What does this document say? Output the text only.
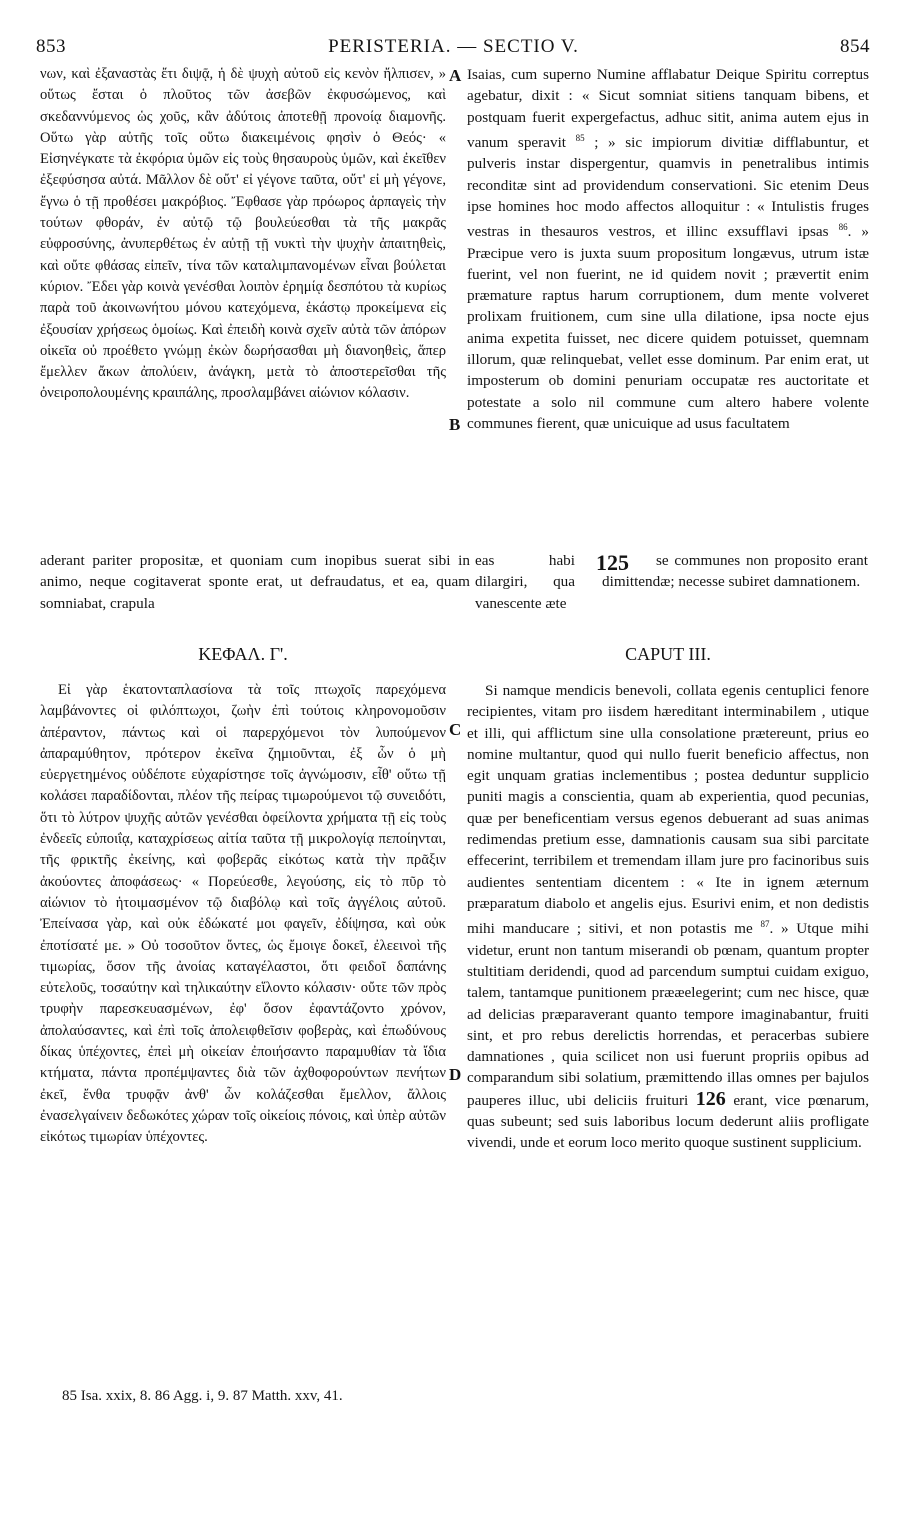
853	PERISTERIA. — SECTIO V.	854

νων, καὶ ἐξαναστὰς ἔτι διψᾷ, ἡ δὲ ψυχὴ αὐτοῦ εἰς κενὸν ἤλπισεν, » οὕτως ἔσται ὁ πλοῦτος τῶν ἀσεβῶν ἐκφυσώμενος, καὶ σκεδαννύμενος ὡς χοῦς, κἂν ἀδύτοις ἀποτεθῇ προνοίᾳ διαμονῆς. Οὕτω γὰρ αὐτῆς τοῖς οὕτω διακειμένοις φησὶν ὁ Θεός· « Εἰσηνέγκατε τὰ ἐκφόρια ὑμῶν εἰς τοὺς θησαυροὺς ὑμῶν, καὶ ἐκεῖθεν ἐξεφύσησα αὐτά. Μᾶλλον δὲ οὔτ' εἰ γέγονε ταῦτα, οὔτ' εἰ μὴ γέγονε, ἔγνω ὁ τῇ προθέσει μακρόβιος. Ἔφθασε γὰρ πρόωρος ἁρπαγεὶς τὴν τούτων φθοράν, ἐν αὐτῷ τῷ βουλεύεσθαι τὰ τῆς μακρᾶς εὐφροσύνης, ἀνυπερθέτως ἐν αὐτῇ τῇ νυκτὶ τὴν ψυχὴν ἀπαιτηθεὶς, καὶ οὔτε φθάσας εἰπεῖν, τίνα τῶν καταλιμπανομένων εἶναι βούλεται κύριον. Ἔδει γὰρ κοινὰ γενέσθαι λοιπὸν ἐρημίᾳ δεσπότου τὰ κυρίως παρὰ τοῦ ἀκοινωνήτου μόνου κατεχόμενα, ἑκάστῳ προκείμενα εἰς ἐξουσίαν χρήσεως ὁμοίως. Καὶ ἐπειδὴ κοινὰ σχεῖν αὐτὰ τῶν ἀπόρων οἰκεῖα οὐ προέθετο γνώμῃ ἐκὼν δωρήσασθαι μὴ διανοηθεὶς, ἅπερ ἔμελλεν ἄκων ἀπολύειν, ἀνάγκη, μετὰ τὸ ἀποστερεῖσθαι τῆς ὀνειροπολουμένης κραιπάλης, προσλαμβάνει αἰώνιον κόλασιν.

Isaias, cum superno Numine afflabatur Deique Spiritu correptus agebatur, dixit : « Sicut somniat sitiens tanquam bibens, et postquam fuerit expergefactus, adhuc sitit, anima autem ejus in vanum speravit $^{85}$ ; » sic impiorum divitiæ difflabuntur, et pulveris instar dispergentur, quamvis in penetralibus intimis reconditæ sint ad providendum conservationi. Sic etenim Deus ipse homines hoc modo affectos alloquitur : « Intulistis fruges vestras in thesauros vestros, et illinc exsufflavi ipsas $^{86}$. » Præcipue vero is juxta suum propositum longævus, utrum istæ fuerint, vel non fuerint, ne id quidem novit ; prævertit enim præmature raptus harum corruptionem, dum mente volveret prolixam fruitionem, cum sine ulla dilatione, ipsa nocte ejus anima expetita fuisset, nec dicere quidem potuisset, quemnam illorum, quæ relinquebat, vellet esse dominum. Par enim erat, ut imposterum ob domini penuriam occupatæ res auctoritate et potestate a solo nil commune cum altero habere volente communes fierent, quæ unicuique ad usus facultatem

A
B
C
D

aderant pariter propositæ, et quoniam cum inopibus suerat sibi in animo, neque cogitaverat sponte erat, ut defraudatus, et ea, quam somniabat, crapula

eas habi dilargiri, qua vanescente æte

125	se communes non proposito erant dimittendæ; necesse subiret damnationem.

ΚΕΦΑΛ. Γ'.	CAPUT III.

Εἰ γὰρ ἑκατονταπλασίονα τὰ τοῖς πτωχοῖς παρεχόμενα λαμβάνοντες οἱ φιλόπτωχοι, ζωὴν ἐπὶ τούτοις κληρονομοῦσιν ἀπέραντον, πάντως καὶ οἱ παρερχόμενοι τὸν λυπούμενον ἀπαραμύθητον, πρότερον ἐκεῖνα ζημιοῦνται, ἐξ ὧν ὁ μὴ εὐεργετημένος οὐδέποτε εὐχαρίστησε τοῖς ἀγνώμοσιν, εἶθ' οὕτω τῇ κολάσει παραδίδονται, πλέον τῆς πείρας τιμωρούμενοι τῷ συνειδότι, ὅτι τὸ λύτρον ψυχῆς αὐτῶν γενέσθαι ὀφείλοντα χρήματα τῇ εἰς τοὺς ἐνδεεῖς εὐποιΐᾳ, καταχρίσεως αἰτία ταῦτα τῇ μικρολογίᾳ πεποίηνται, τῆς φρικτῆς ἐκείνης, καὶ φοβερᾶς εἰκότως κατὰ τὴν πρᾶξιν ἀκούοντες ἀποφάσεως· « Πορεύεσθε, λεγούσης, εἰς τὸ πῦρ τὸ αἰώνιον τὸ ἡτοιμασμένον τῷ διαβόλῳ καὶ τοῖς ἀγγέλοις αὐτοῦ. Ἐπείνασα γὰρ, καὶ οὐκ ἐδώκατέ μοι φαγεῖν, ἐδίψησα, καὶ οὐκ ἐποτίσατέ με. » Οὐ τοσοῦτον ὄντες, ὡς ἔμοιγε δοκεῖ, ἐλεεινοὶ τῆς τιμωρίας, ὅσον τῆς ἀνοίας καταγέλαστοι, ὅτι φειδοῖ δαπάνης εὐτελοῦς, τοσαύτην καὶ τηλικαύτην εἵλοντο κόλασιν· οὔτε τῶν πρὸς τρυφὴν παρεσκευασμένων, ἐφ' ὅσον ἐφαντάζοντο χρόνον, ἀπολαύσαντες, καὶ ἐπὶ τοῖς ἀπολειφθεῖσιν φοβερὰς, καὶ ἐπωδύνους δίκας ὑπέχοντες, ἐπεὶ μὴ οἰκείαν ἐποιήσαντο παραμυθίαν τὰ ἴδια κτήματα, πάντα προπέμψαντες διὰ τῶν ἀχθοφορούντων πενήτων ἐκεῖ, ἔνθα τρυφᾷν ἀνθ' ὧν κολάζεσθαι ἔμελλον, ἄλλοις ἐνασελγαίνειν δεδωκότες χώραν τοῖς οἰκείοις πόνοις, καὶ ὑπὲρ αὐτῶν εἰκότως τιμωρίαν ὑπέχοντες.

Si namque mendicis benevoli, collata egenis centuplici fenore recipientes, vitam pro iisdem hæreditant interminabilem , utique et illi, qui afflictum sine ulla consolatione prætereunt, prius eo nomine multantur, quod qui nullo fuerit beneficio affectus, non egit unquam gratias inclementibus ; postea deduntur supplicio puniti magis a conscientia, quam ab experientia, quod pecunias, quæ per beneficentiam versus egenos debuerant ad suas animas redimendas pretium esse, damnationis causam sua sibi parcitate effecerint, terribilem et tremendam illam jure pro facinoribus suis audientes sententiam dicentem : « Ite in ignem æternum præparatum diabolo et angelis ejus. Esurivi enim, et non dedistis mihi manducare ; sitivi, et non potastis me $^{87}$. » Utque mihi videtur, erunt non tantum miserandi ob pœnam, quantum propter stultitiam deridendi, quod ad parcendum sumptui cuidam exiguo, talem, tantamque punitionem prææelegerint; cum nec hisce, quæ ad delicias præparaverant quanto tempore imaginabantur, fruiti sint, et pro rebus derelictis horrendas, et peracerbas subiere damnationes , quia scilicet non usi fuerunt propriis opibus ad comparandum sibi solatium, præmittendo illas omnes per bajulos pauperes illuc, ubi deliciis fruituri 126 erant, vice pœnarum, quas subeunt; sed suis laboribus locum dederunt aliis profligate vivendi, unde et eorum loco merito quoque sustinent supplicium.

85 Isa. xxix, 8. 86 Agg. i, 9. 87 Matth. xxv, 41.
